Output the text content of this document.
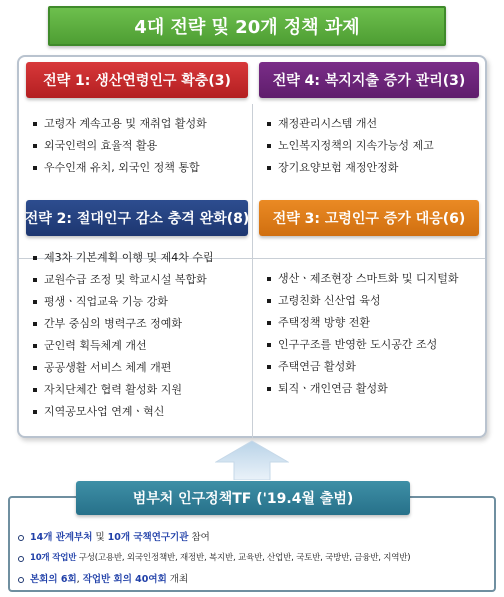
4대 전략 및 20개 정책 과제
전략 1: 생산연령인구 확충(3)	전략 4: 복지지출 증가 관리(3)
전략 2: 절대인구 감소 충격 완화(8)	전략 3: 고령인구 증가 대응(6)
고령자 계속고용 및 재취업 활성화
외국인력의 효율적 활용
우수인재 유치, 외국인 정책 통합
재정관리시스템 개선
노인복지정책의 지속가능성 제고
장기요양보험 재정안정화
제3차 기본계획 이행 및 제4차 수립
교원수급 조정 및 학교시설 복합화
평생ㆍ직업교육 기능 강화
간부 중심의 병력구조 정예화
군인력 획득체계 개선
공공생활 서비스 체계 개편
자치단체간 협력 활성화 지원
지역공모사업 연계ㆍ혁신
생산ㆍ제조현장 스마트화 및 디지털화
고령친화 신산업 육성
주택정책 방향 전환
인구구조를 반영한 도시공간 조성
주택연금 활성화
퇴직ㆍ개인연금 활성화
범부처 인구정책TF ('19.4월 출범)
14개 관계부처 및 10개 국책연구기관 참여
10개 작업반 구성(고용반, 외국인정책반, 재정반, 복지반, 교육반, 산업반, 국토반, 국방반, 금융반, 지역반)
본회의 6회 , 작업반 회의 40여회 개최
